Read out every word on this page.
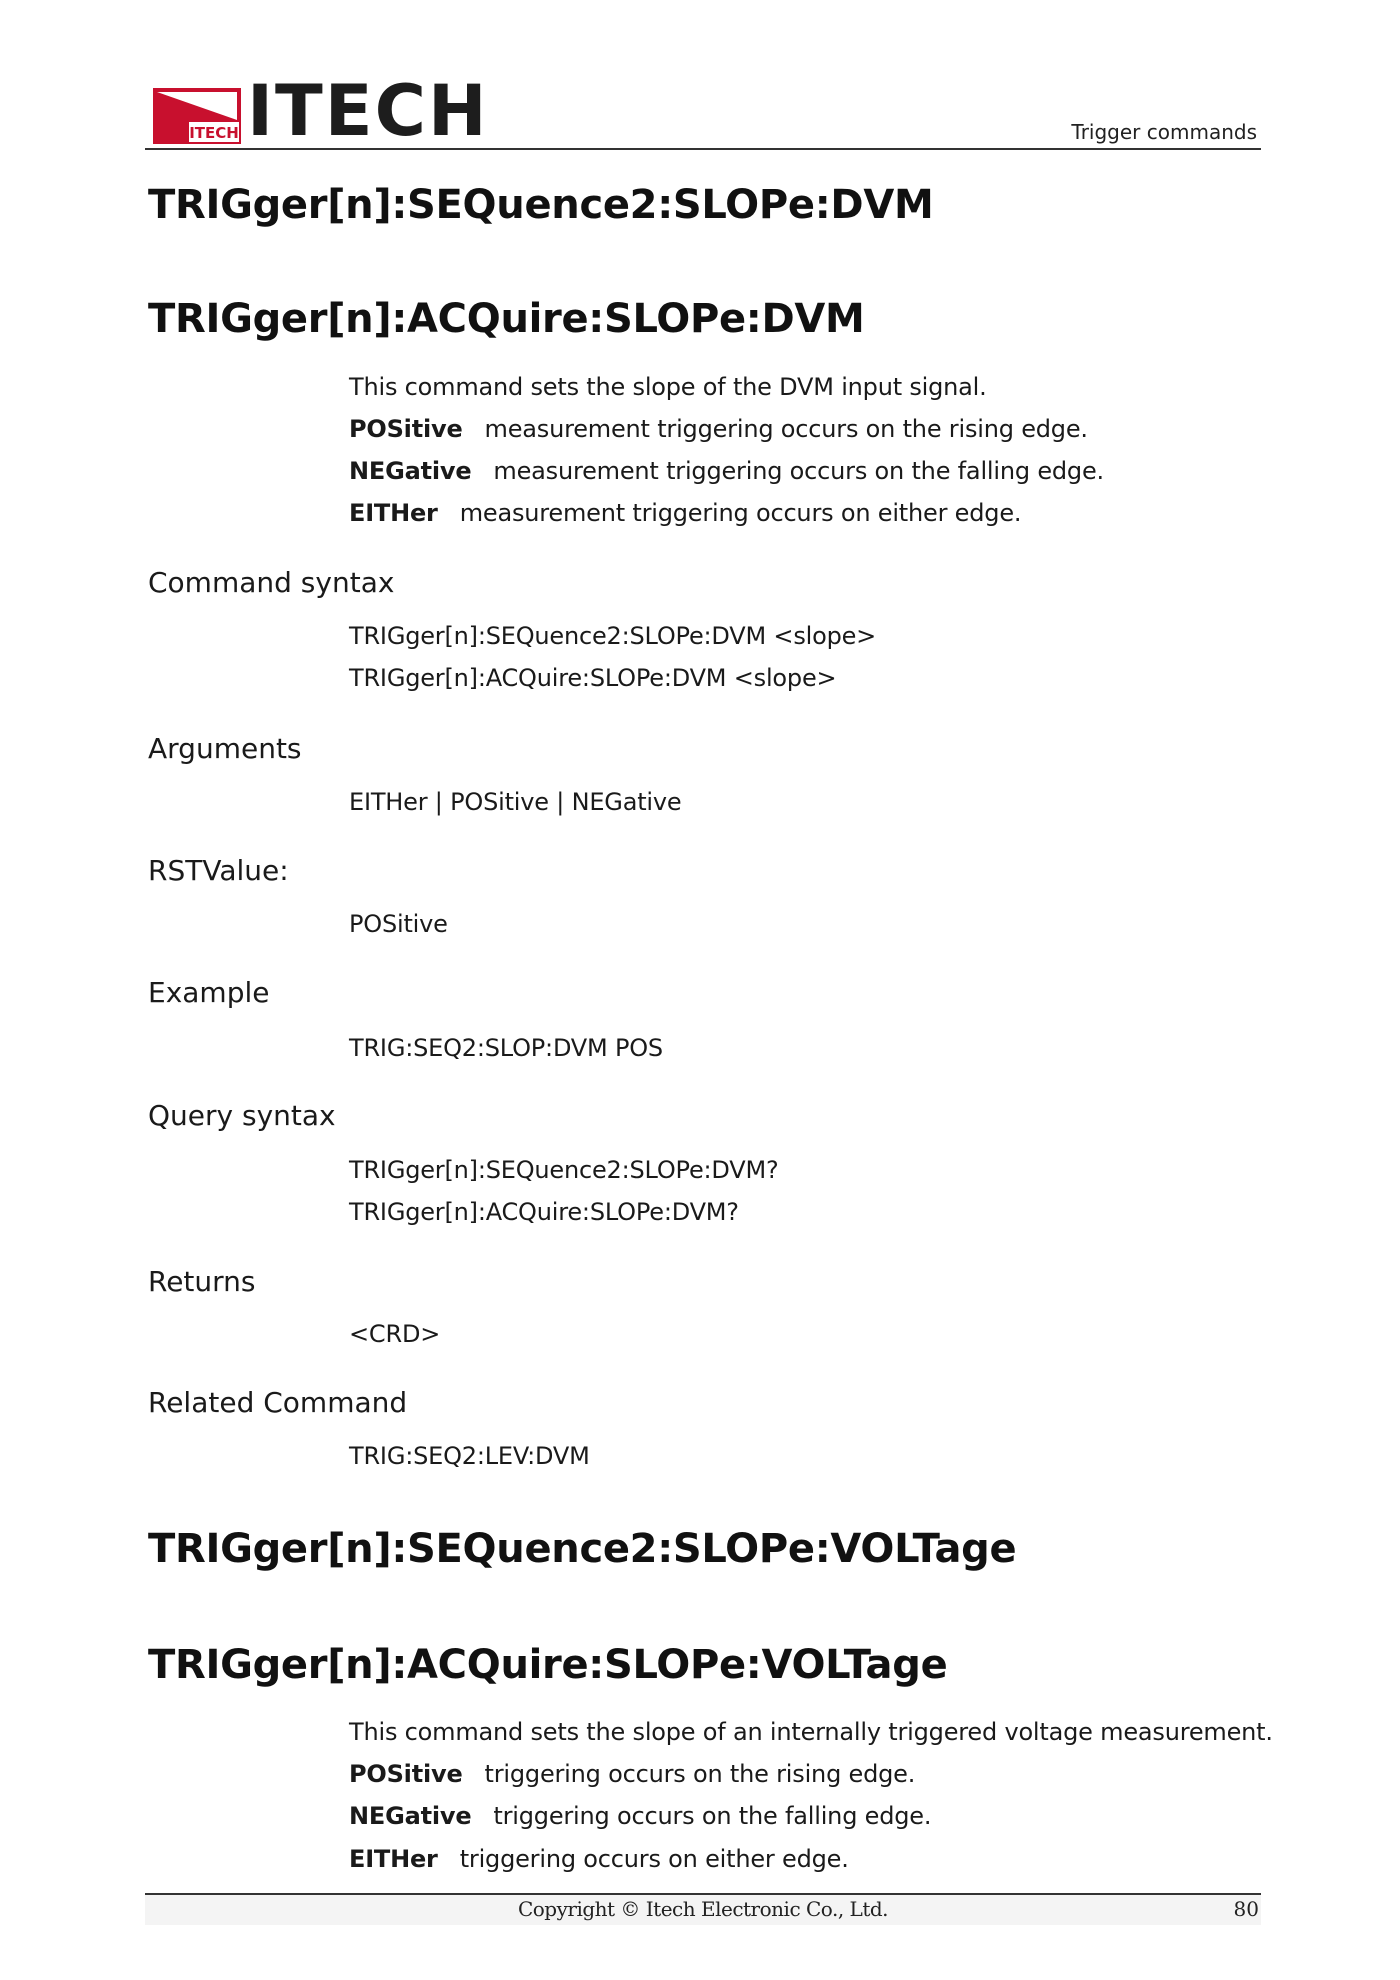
ITECH ITECH	Trigger commands
TRIGger[n]:SEQuence2:SLOPe:DVM
TRIGger[n]:ACQuire:SLOPe:DVM
This command sets the slope of the DVM input signal.
POSitive measurement triggering occurs on the rising edge.
NEGative measurement triggering occurs on the falling edge.
EITHer measurement triggering occurs on either edge.
Command syntax
TRIGger[n]:SEQuence2:SLOPe:DVM <slope>
TRIGger[n]:ACQuire:SLOPe:DVM <slope>
Arguments
EITHer | POSitive | NEGative
RSTValue:
POSitive
Example
TRIG:SEQ2:SLOP:DVM POS
Query syntax
TRIGger[n]:SEQuence2:SLOPe:DVM?
TRIGger[n]:ACQuire:SLOPe:DVM?
Returns
<CRD>
Related Command
TRIG:SEQ2:LEV:DVM
TRIGger[n]:SEQuence2:SLOPe:VOLTage
TRIGger[n]:ACQuire:SLOPe:VOLTage
This command sets the slope of an internally triggered voltage measurement.
POSitive triggering occurs on the rising edge.
NEGative triggering occurs on the falling edge.
EITHer triggering occurs on either edge.
Copyright © Itech Electronic Co., Ltd.	80
